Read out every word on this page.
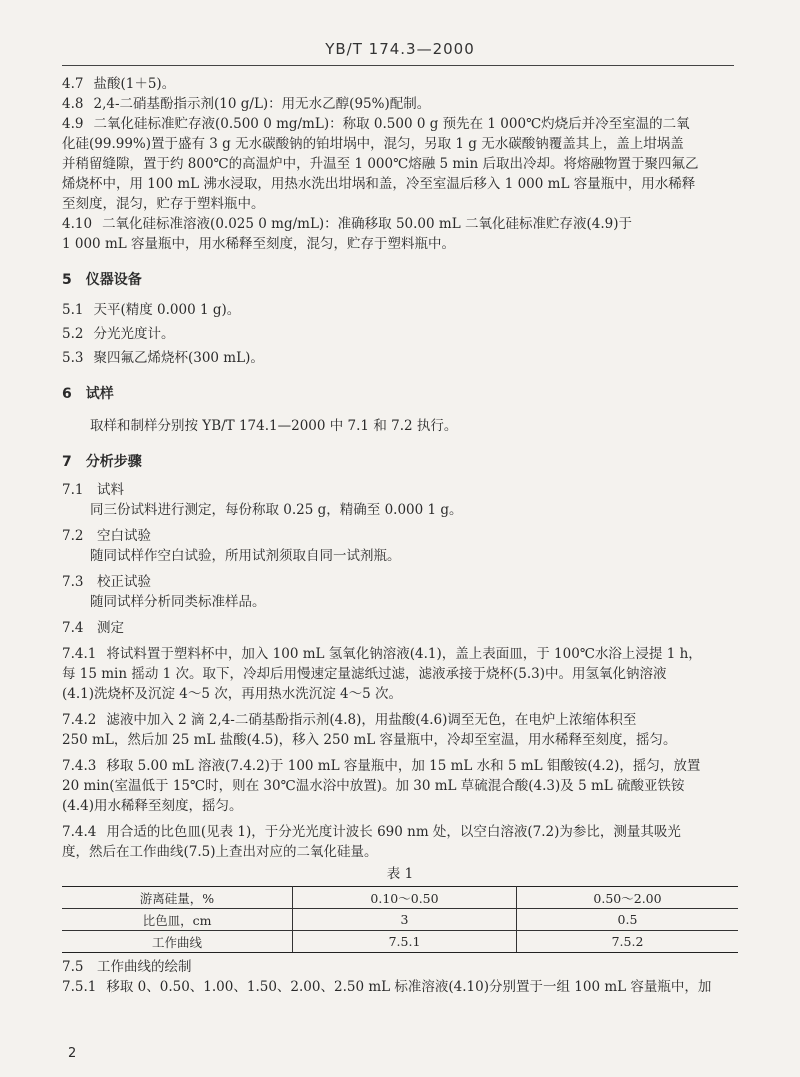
YB/T 174.3—2000

4.7 盐酸(1＋5)。

4.8 2,4-二硝基酚指示剂(10 g/L)：用无水乙醇(95%)配制。

4.9 二氧化硅标准贮存液(0.500 0 mg/mL)：称取 0.500 0 g 预先在 1 000℃灼烧后并冷至室温的二氧

化硅(99.99%)置于盛有 3 g 无水碳酸钠的铂坩埚中，混匀，另取 1 g 无水碳酸钠覆盖其上，盖上坩埚盖

并稍留缝隙，置于约 800℃的高温炉中，升温至 1 000℃熔融 5 min 后取出冷却。将熔融物置于聚四氟乙

烯烧杯中，用 100 mL 沸水浸取，用热水洗出坩埚和盖，冷至室温后移入 1 000 mL 容量瓶中，用水稀释

至刻度，混匀，贮存于塑料瓶中。

4.10 二氧化硅标准溶液(0.025 0 mg/mL)：准确移取 50.00 mL 二氧化硅标准贮存液(4.9)于

1 000 mL 容量瓶中，用水稀释至刻度，混匀，贮存于塑料瓶中。

5　仪器设备

5.1 天平(精度 0.000 1 g)。

5.2 分光光度计。

5.3 聚四氟乙烯烧杯(300 mL)。

6　试样

取样和制样分别按 YB/T 174.1—2000 中 7.1 和 7.2 执行。

7　分析步骤

7.1　试料

同三份试料进行测定，每份称取 0.25 g，精确至 0.000 1 g。

7.2　空白试验

随同试样作空白试验，所用试剂须取自同一试剂瓶。

7.3　校正试验

随同试样分析同类标准样品。

7.4　测定

7.4.1 将试料置于塑料杯中，加入 100 mL 氢氧化钠溶液(4.1)，盖上表面皿，于 100℃水浴上浸提 1 h，

每 15 min 摇动 1 次。取下，冷却后用慢速定量滤纸过滤，滤液承接于烧杯(5.3)中。用氢氧化钠溶液

(4.1)洗烧杯及沉淀 4～5 次，再用热水洗沉淀 4～5 次。

7.4.2 滤液中加入 2 滴 2,4-二硝基酚指示剂(4.8)，用盐酸(4.6)调至无色，在电炉上浓缩体积至

250 mL，然后加 25 mL 盐酸(4.5)，移入 250 mL 容量瓶中，冷却至室温，用水稀释至刻度，摇匀。

7.4.3 移取 5.00 mL 溶液(7.4.2)于 100 mL 容量瓶中，加 15 mL 水和 5 mL 钼酸铵(4.2)，摇匀，放置

20 min(室温低于 15℃时，则在 30℃温水浴中放置)。加 30 mL 草硫混合酸(4.3)及 5 mL 硫酸亚铁铵

(4.4)用水稀释至刻度，摇匀。

7.4.4 用合适的比色皿(见表 1)，于分光光度计波长 690 nm 处，以空白溶液(7.2)为参比，测量其吸光

度，然后在工作曲线(7.5)上查出对应的二氧化硅量。

表 1

游离硅量，%	0.10～0.50	0.50～2.00
比色皿，cm	3	0.5
工作曲线	7.5.1	7.5.2

7.5　工作曲线的绘制

7.5.1 移取 0、0.50、1.00、1.50、2.00、2.50 mL 标准溶液(4.10)分别置于一组 100 mL 容量瓶中，加

2
